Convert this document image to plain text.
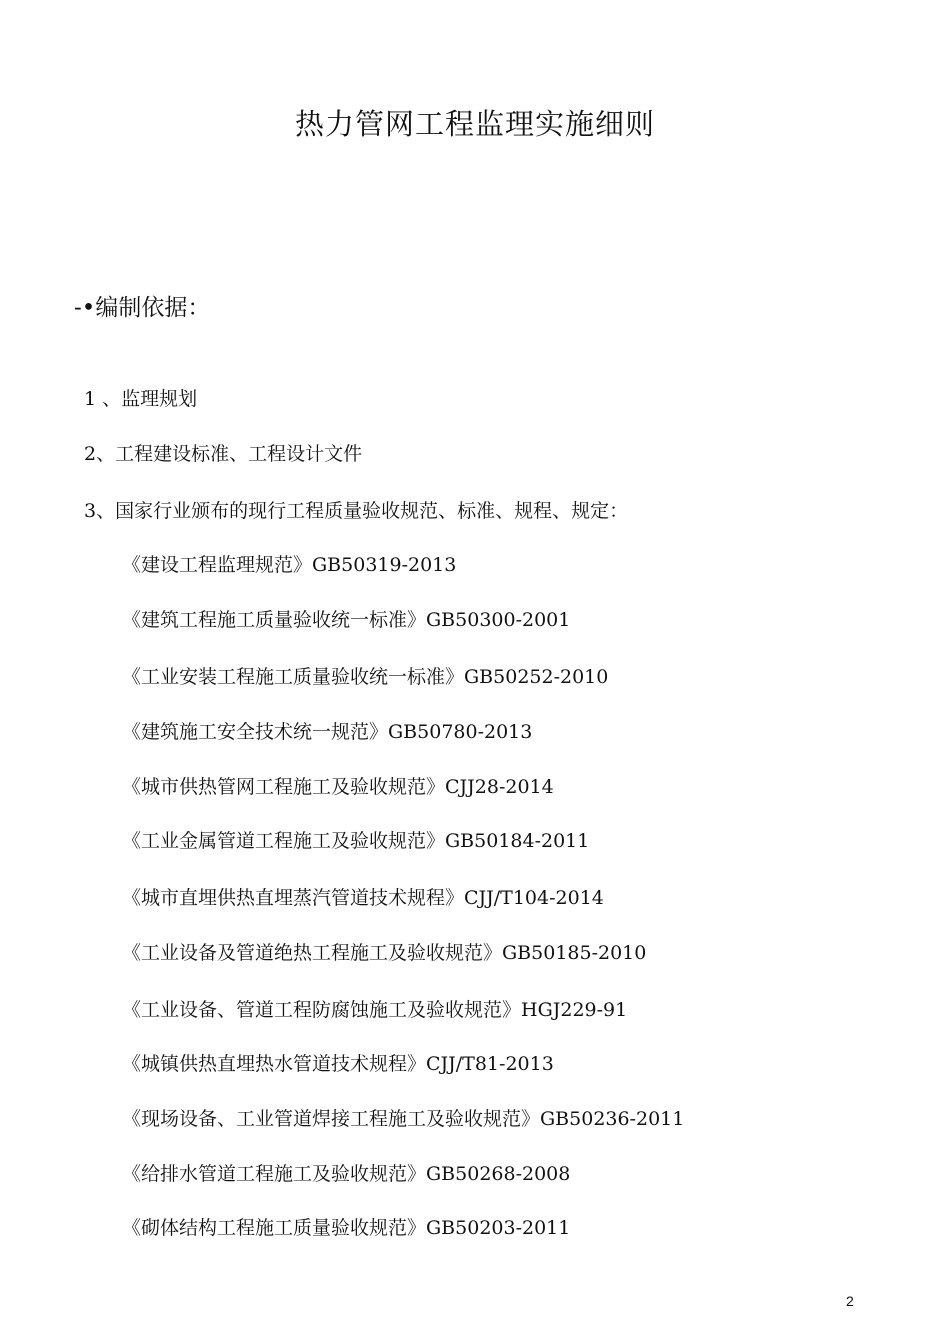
热力管网工程监理实施细则
-•编制依据：
1 、监理规划
2、工程建设标准、工程设计文件
3、国家行业颁布的现行工程质量验收规范、标准、规程、规定：
《建设工程监理规范》GB50319-2013
《建筑工程施工质量验收统一标准》GB50300-2001
《工业安装工程施工质量验收统一标准》GB50252-2010
《建筑施工安全技术统一规范》GB50780-2013
《城市供热管网工程施工及验收规范》CJJ28-2014
《工业金属管道工程施工及验收规范》GB50184-2011
《城市直埋供热直埋蒸汽管道技术规程》CJJ/T104-2014
《工业设备及管道绝热工程施工及验收规范》GB50185-2010
《工业设备、管道工程防腐蚀施工及验收规范》HGJ229-91
《城镇供热直埋热水管道技术规程》CJJ/T81-2013
《现场设备、工业管道焊接工程施工及验收规范》GB50236-2011
《给排水管道工程施工及验收规范》GB50268-2008
《砌体结构工程施工质量验收规范》GB50203-2011
2
